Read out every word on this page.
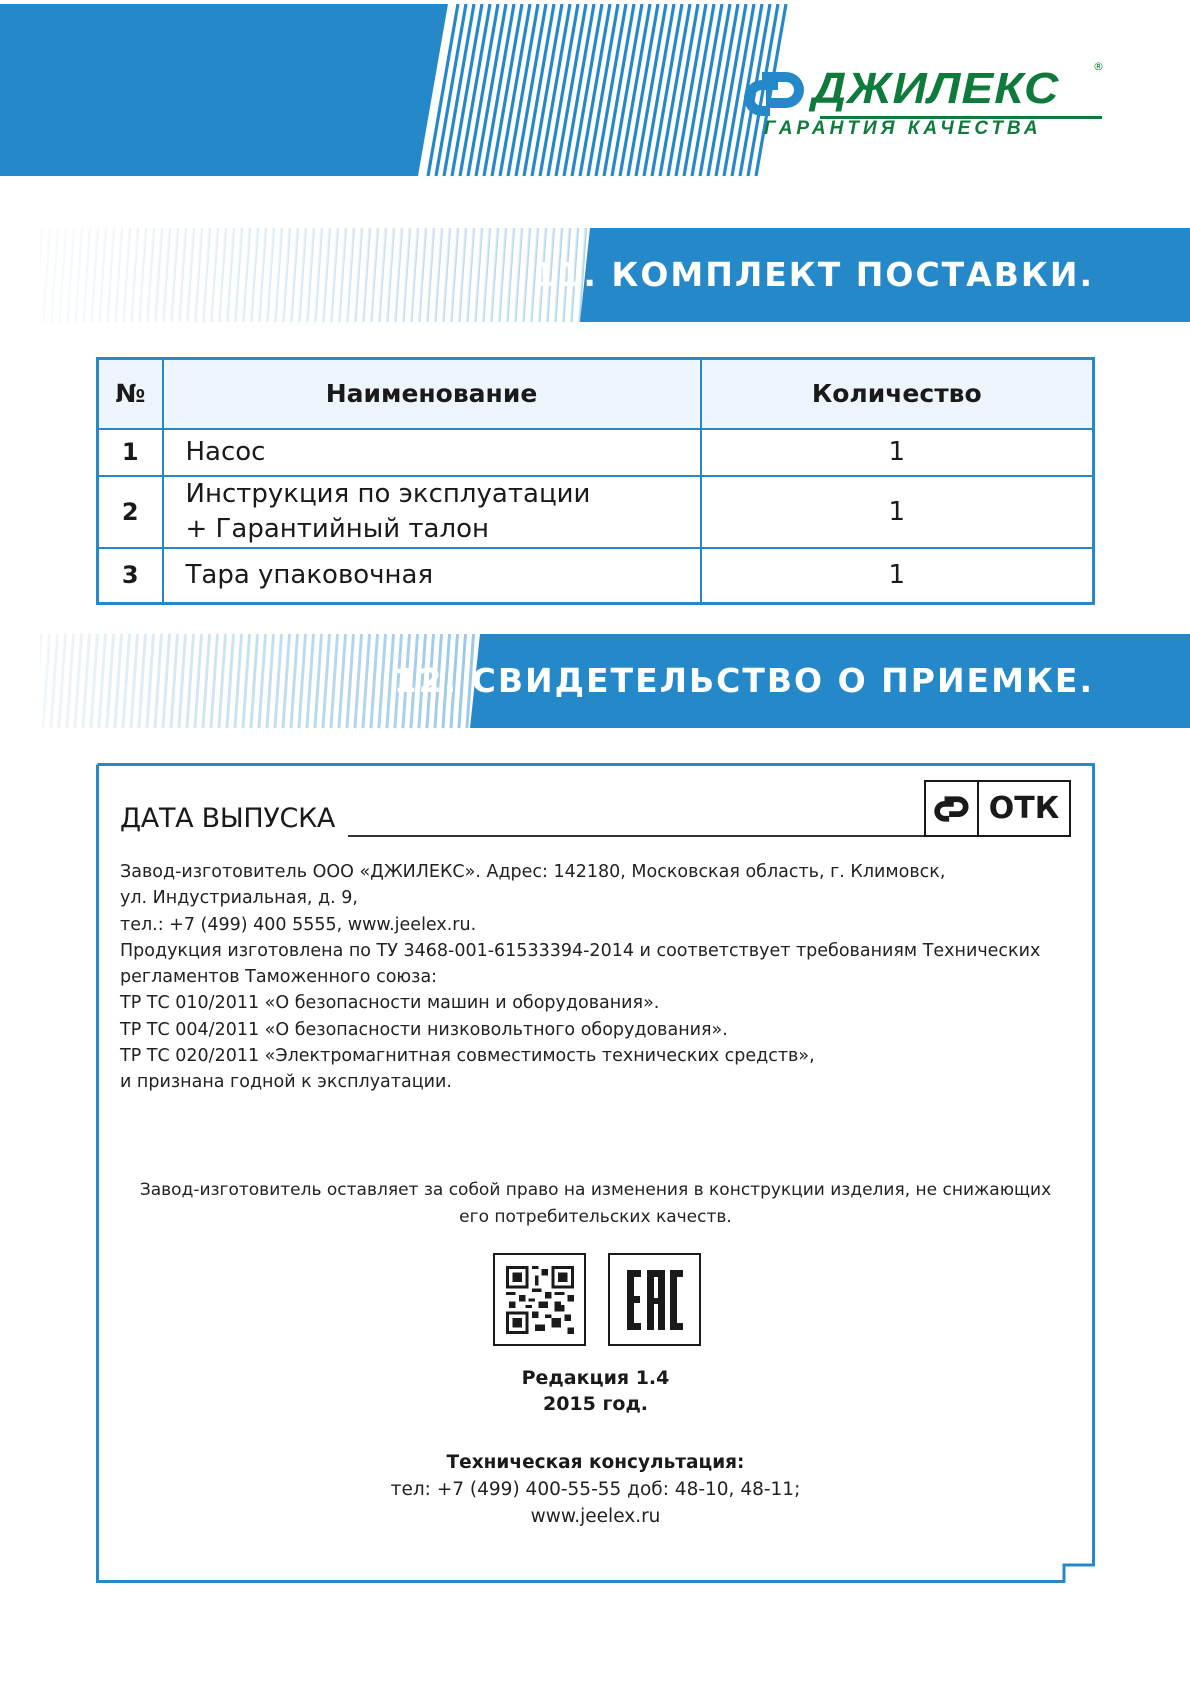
ДЖИЛЕКС	®
ГАРАНТИЯ КАЧЕСТВА
11. КОМПЛЕКТ ПОСТАВКИ.
№	Наименование	Количество
1	Насос	1
2	Инструкция по эксплуатации
+ Гарантийный талон	1
3	Тара упаковочная	1
12. СВИДЕТЕЛЬСТВО О ПРИЕМКЕ.
ДАТА ВЫПУСКА	ОТК

Завод-изготовитель ООО «ДЖИЛЕКС». Адрес: 142180, Московская область, г. Климовск,

ул. Индустриальная, д. 9,

тел.: +7 (499) 400 5555, www.jeelex.ru.

Продукция изготовлена по ТУ 3468-001-61533394-2014 и соответствует требованиям Технических

регламентов Таможенного союза:

ТР ТС 010/2011 «О безопасности машин и оборудования».

ТР ТС 004/2011 «О безопасности низковольтного оборудования».

ТР ТС 020/2011 «Электромагнитная совместимость технических средств»,

и признана годной к эксплуатации.

Завод-изготовитель оставляет за собой право на изменения в конструкции изделия, не снижающих
его потребительских качеств.
Редакция 1.4
2015 год.
Техническая консультация:
тел: +7 (499) 400-55-55 доб: 48-10, 48-11;
www.jeelex.ru
